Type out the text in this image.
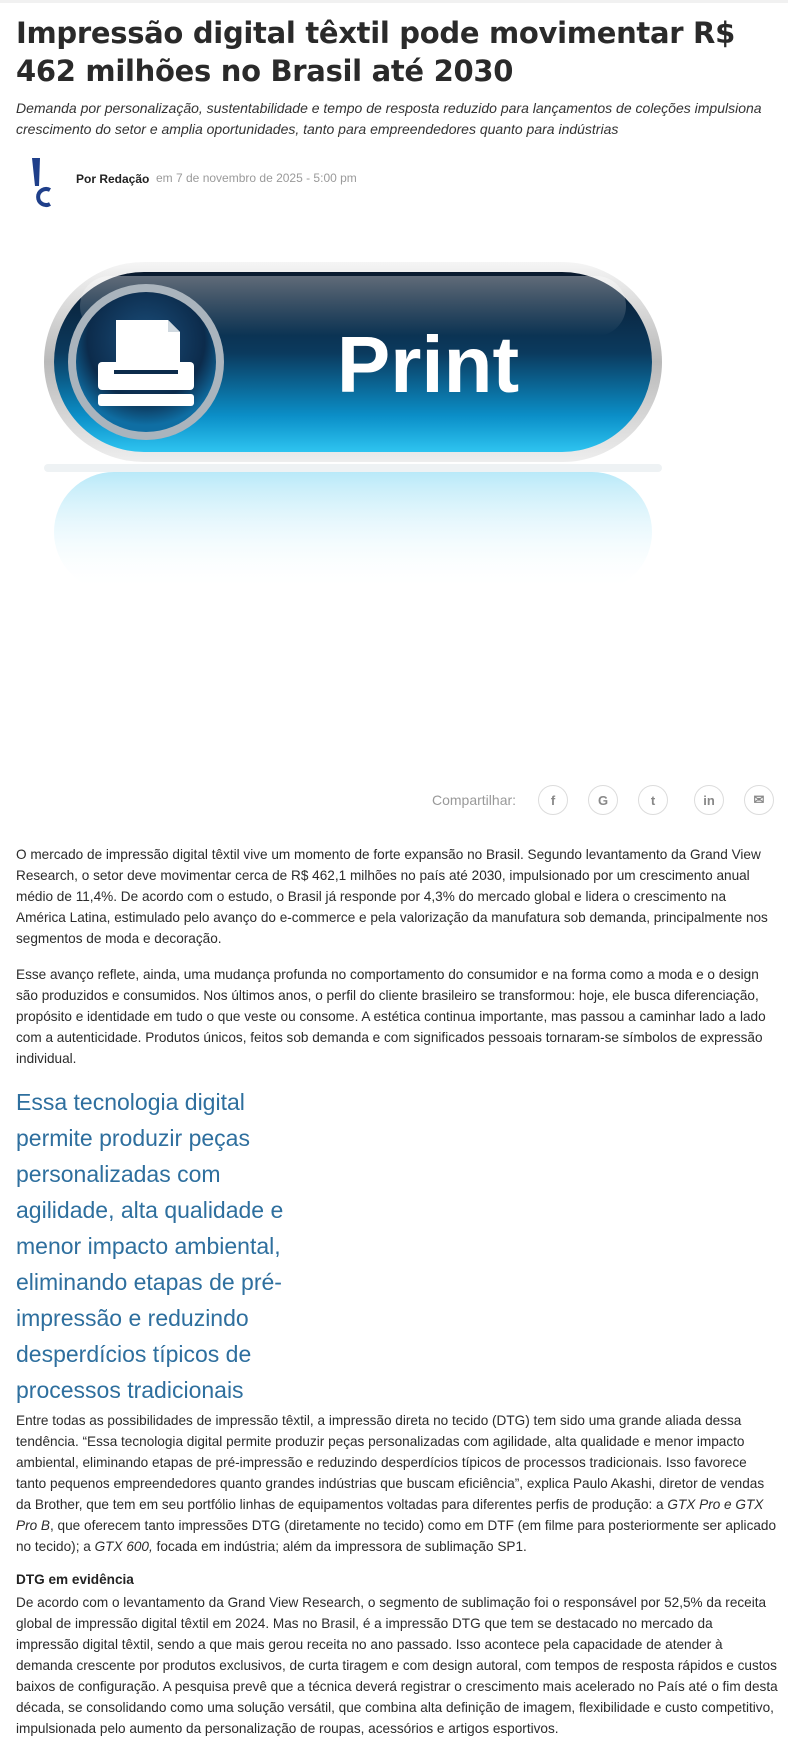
Impressão digital têxtil pode movimentar R$ 462 milhões no Brasil até 2030

Demanda por personalização, sustentabilidade e tempo de resposta reduzido para lançamentos de coleções impulsiona crescimento do setor e amplia oportunidades, tanto para empreendedores quanto para indústrias

Por Redação em 7 de novembro de 2025 - 5:00 pm
Print
Compartilhar:	f	G	t	in	✉

O mercado de impressão digital têxtil vive um momento de forte expansão no Brasil. Segundo levantamento da Grand View Research, o setor deve movimentar cerca de R$ 462,1 milhões no país até 2030, impulsionado por um crescimento anual médio de 11,4%. De acordo com o estudo, o Brasil já responde por 4,3% do mercado global e lidera o crescimento na América Latina, estimulado pelo avanço do e-commerce e pela valorização da manufatura sob demanda, principalmente nos segmentos de moda e decoração.

Esse avanço reflete, ainda, uma mudança profunda no comportamento do consumidor e na forma como a moda e o design são produzidos e consumidos. Nos últimos anos, o perfil do cliente brasileiro se transformou: hoje, ele busca diferenciação, propósito e identidade em tudo o que veste ou consome. A estética continua importante, mas passou a caminhar lado a lado com a autenticidade. Produtos únicos, feitos sob demanda e com significados pessoais tornaram-se símbolos de expressão individual.

Essa tecnologia digital permite produzir peças personalizadas com agilidade, alta qualidade e menor impacto ambiental, eliminando etapas de pré-impressão e reduzindo desperdícios típicos de processos tradicionais

Entre todas as possibilidades de impressão têxtil, a impressão direta no tecido (DTG) tem sido uma grande aliada dessa tendência. “Essa tecnologia digital permite produzir peças personalizadas com agilidade, alta qualidade e menor impacto ambiental, eliminando etapas de pré-impressão e reduzindo desperdícios típicos de processos tradicionais. Isso favorece tanto pequenos empreendedores quanto grandes indústrias que buscam eficiência”, explica Paulo Akashi, diretor de vendas da Brother, que tem em seu portfólio linhas de equipamentos voltadas para diferentes perfis de produção: a GTX Pro e GTX Pro B, que oferecem tanto impressões DTG (diretamente no tecido) como em DTF (em filme para posteriormente ser aplicado no tecido); a GTX 600, focada em indústria; além da impressora de sublimação SP1.

DTG em evidência

De acordo com o levantamento da Grand View Research, o segmento de sublimação foi o responsável por 52,5% da receita global de impressão digital têxtil em 2024. Mas no Brasil, é a impressão DTG que tem se destacado no mercado da impressão digital têxtil, sendo a que mais gerou receita no ano passado. Isso acontece pela capacidade de atender à demanda crescente por produtos exclusivos, de curta tiragem e com design autoral, com tempos de resposta rápidos e custos baixos de configuração. A pesquisa prevê que a técnica deverá registrar o crescimento mais acelerado no País até o fim desta década, se consolidando como uma solução versátil, que combina alta definição de imagem, flexibilidade e custo competitivo, impulsionada pelo aumento da personalização de roupas, acessórios e artigos esportivos.
